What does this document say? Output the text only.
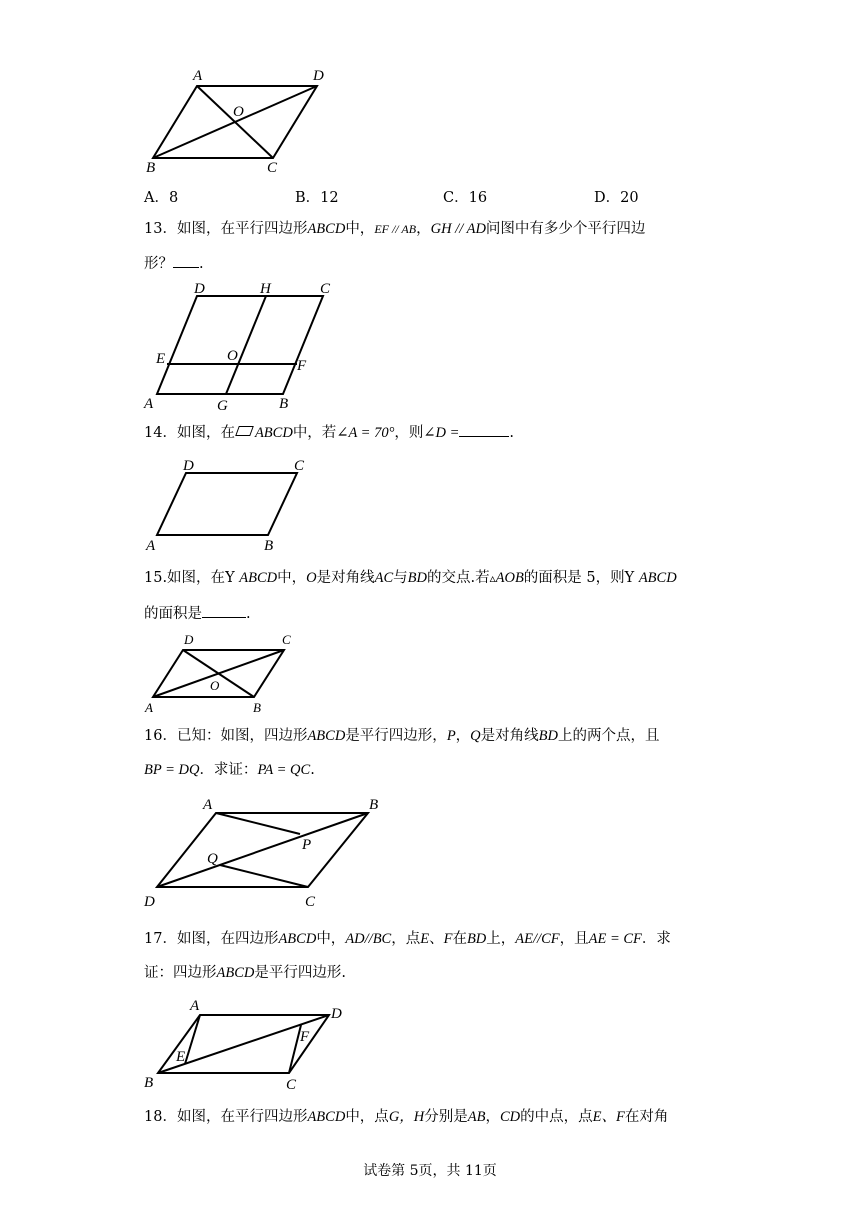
A	D
O
B	C
A．8	B．12	C．16	D．20
13．如图，在平行四边形ABCD中，EF // AB，GH // AD问图中有多少个平行四边
形？ .
D	H	C
E	O
F
A	G	B
14．如图，在 ABCD中，若∠A = 70°，则∠D =	.
D	C
A	B
15.如图，在Y ABCD中，O是对角线AC与BD的交点.若▵AOB的面积是 5，则Y ABCD
的面积是	.
D	C
O
A	B
16．已知：如图，四边形ABCD是平行四边形，P，Q是对角线BD上的两个点，且
BP = DQ．求证：PA = QC.
A	B
P
Q
D	C
17．如图，在四边形ABCD中，AD//BC，点E、F在BD上，AE//CF，且AE = CF．求
证：四边形ABCD是平行四边形.
A	D
E
F
B	C
18．如图，在平行四边形ABCD中，点G，H分别是AB，CD的中点，点E、F在对角
试卷第 5页，共 11页
